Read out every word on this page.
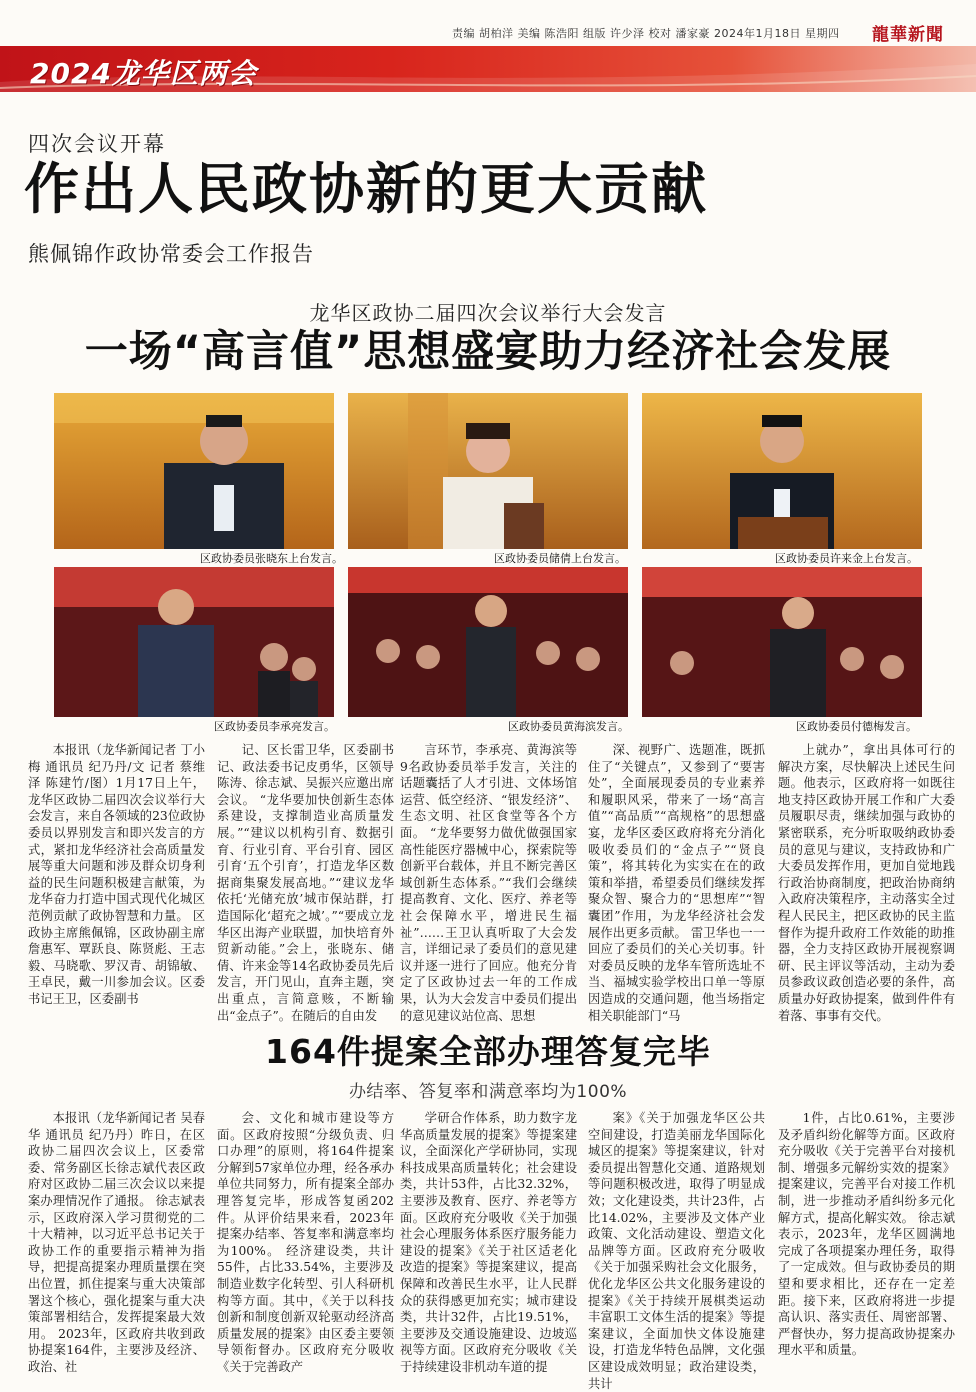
责编 胡柏洋 美编 陈浩阳 组版 许少泽 校对 潘家豪 2024年1月18日 星期四 龍華新聞
2024龙华区两会
四次会议开幕
作出人民政协新的更大贡献
熊佩锦作政协常委会工作报告
龙华区政协二届四次会议举行大会发言
一场“高言值”思想盛宴助力经济社会发展
区政协委员张晓东上台发言。	区政协委员储倩上台发言。	区政协委员许来金上台发言。
区政协委员李承亮发言。	区政协委员黄海滨发言。	区政协委员付德梅发言。

本报讯（龙华新闻记者 丁小梅 通讯员 纪乃丹/文 记者 蔡维泽 陈建竹/图）1月17日上午，龙华区政协二届四次会议举行大会发言，来自各领域的23位政协委员以界别发言和即兴发言的方式，紧扣龙华经济社会高质量发展等重大问题和涉及群众切身利益的民生问题积极建言献策，为龙华奋力打造中国式现代化城区范例贡献了政协智慧和力量。 区政协主席熊佩锦，区政协副主席詹惠军、覃跃良、陈贤彪、王志毅、马晓歌、罗汉青、胡锦敏、王卓民，戴一川参加会议。区委书记王卫，区委副书

记、区长雷卫华，区委副书记、政法委书记皮勇华，区领导陈涛、徐志斌、吴振兴应邀出席会议。 “龙华要加快创新生态体系建设，支撑制造业高质量发展。”“建议以机构引育、数据引育、行业引育、平台引育、园区引育‘五个引育’，打造龙华区数据商集聚发展高地。”“建议龙华依托‘光储充放’城市保站群，打造国际化‘超充之城’。”“要成立龙华区出海产业联盟，加快培育外贸新动能。”会上，张晓东、储倩、许来金等14名政协委员先后发言，开门见山，直奔主题，突出重点，言简意赅，不断输出“金点子”。在随后的自由发

言环节，李承亮、黄海滨等9名政协委员举手发言，关注的话题囊括了人才引进、文体场馆运营、低空经济、“银发经济”、生态文明、社区食堂等各个方面。 “龙华要努力做优做强国家高性能医疗器械中心，探索院等创新平台载体，并且不断完善区域创新生态体系。”“我们会继续提高教育、文化、医疗、养老等社会保障水平，增进民生福祉”……王卫认真听取了大会发言，详细记录了委员们的意见建议并逐一进行了回应。他充分肯定了区政协过去一年的工作成果，认为大会发言中委员们提出的意见建议站位高、思想

深、视野广、选题准，既抓住了“关键点”，又参到了“要害处”，全面展现委员的专业素养和履职风采，带来了一场“高言值”“高品质”“高规格”的思想盛宴，龙华区委区政府将充分消化吸收委员们的“金点子”“贤良策”，将其转化为实实在在的政策和举措，希望委员们继续发挥聚众智、聚合力的“思想库”“智囊团”作用，为龙华经济社会发展作出更多贡献。 雷卫华也一一回应了委员们的关心关切事。针对委员反映的龙华车管所选址不当、福城实验学校出口单一等原因造成的交通问题，他当场指定相关职能部门“马

上就办”，拿出具体可行的解决方案，尽快解决上述民生问题。他表示，区政府将一如既往地支持区政协开展工作和广大委员履职尽责，继续加强与政协的紧密联系，充分听取吸纳政协委员的意见与建议，支持政协和广大委员发挥作用，更加自觉地践行政治协商制度，把政治协商纳入政府决策程序，主动落实全过程人民民主，把区政协的民主监督作为提升政府工作效能的助推器，全力支持区政协开展视察调研、民主评议等活动，主动为委员参政议政创造必要的条件，高质量办好政协提案，做到件件有着落、事事有交代。

164件提案全部办理答复完毕
办结率、答复率和满意率均为100%

本报讯（龙华新闻记者 吴春华 通讯员 纪乃丹）昨日，在区政协二届四次会议上，区委常委、常务副区长徐志斌代表区政府对区政协二届三次会议以来提案办理情况作了通报。 徐志斌表示，区政府深入学习贯彻党的二十大精神，以习近平总书记关于政协工作的重要指示精神为指导，把提高提案办理质量摆在突出位置，抓住提案与重大决策部署这个核心，强化提案与重大决策部署相结合，发挥提案最大效用。 2023年，区政府共收到政协提案164件，主要涉及经济、政治、社

会、文化和城市建设等方面。区政府按照“分级负责、归口办理”的原则，将164件提案分解到57家单位办理，经各承办单位共同努力，所有提案全部办理答复完毕，形成答复函202件。从评价结果来看，2023年提案办结率、答复率和满意率均为100%。 经济建设类，共计55件，占比33.54%，主要涉及制造业数字化转型、引人科研机构等方面。其中，《关于以科技创新和制度创新双轮驱动经济高质量发展的提案》由区委主要领导领衔督办。区政府充分吸收《关于完善政产

学研合作体系，助力数字龙华高质量发展的提案》等提案建议，全面深化产学研协同，实现科技成果高质量转化；社会建设类，共计53件，占比32.32%，主要涉及教育、医疗、养老等方面。区政府充分吸收《关于加强社会心理服务体系医疗服务能力建设的提案》《关于社区适老化改造的提案》等提案建议，提高保障和改善民生水平，让人民群众的获得感更加充实；城市建设类，共计32件，占比19.51%，主要涉及交通设施建设、边坡巡视等方面。区政府充分吸收《关于持续建设非机动车道的提

案》《关于加强龙华区公共空间建设，打造美丽龙华国际化城区的提案》等提案建议，针对委员提出智慧化交通、道路规划等问题积极改进，取得了明显成效；文化建设类，共计23件，占比14.02%，主要涉及文体产业政策、文化活动建设、塑造文化品牌等方面。区政府充分吸收《关于加强采购社会文化服务，优化龙华区公共文化服务建设的提案》《关于持续开展棋类运动丰富职工文体生活的提案》等提案建议，全面加快文体设施建设，打造龙华特色品牌，文化强区建设成效明显；政治建设类，共计

1件，占比0.61%，主要涉及矛盾纠纷化解等方面。区政府充分吸收《关于完善平台对接机制、增强多元解纷实效的提案》提案建议，完善平台对接工作机制，进一步推动矛盾纠纷多元化解方式，提高化解实效。 徐志斌表示，2023年，龙华区圆满地完成了各项提案办理任务，取得了一定成效。但与政协委员的期望和要求相比，还存在一定差距。接下来，区政府将进一步提高认识、落实责任、周密部署、严督快办，努力提高政协提案办理水平和质量。
